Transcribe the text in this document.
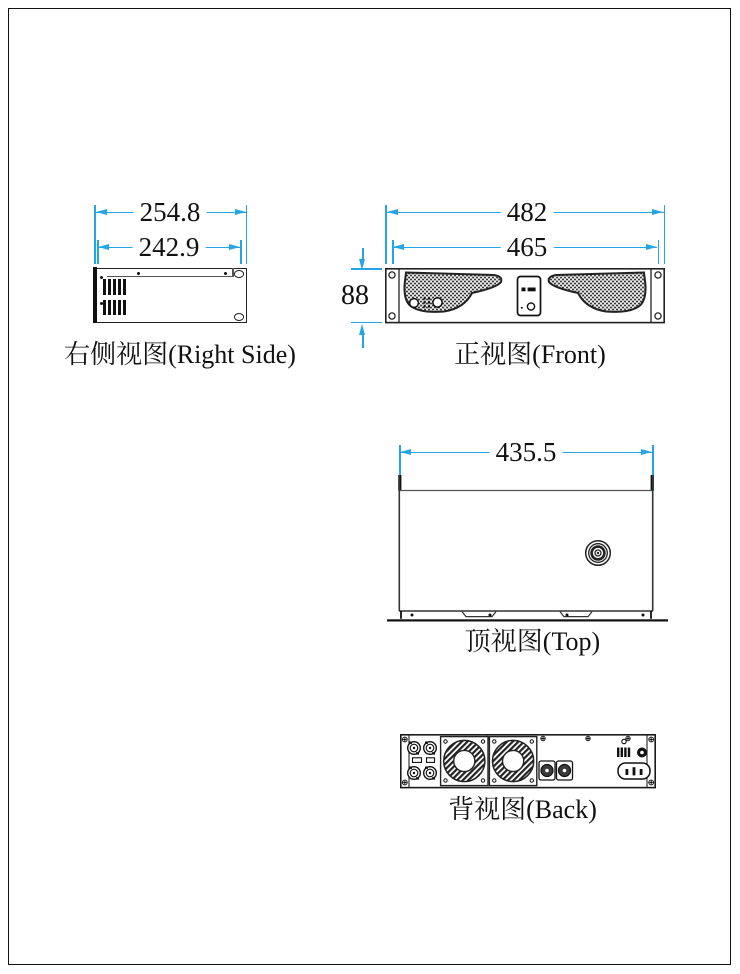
254.8
242.9
右侧视图(Right Side)
482
465
88
正视图(Front)
435.5
顶视图(Top)
背视图(Back)
